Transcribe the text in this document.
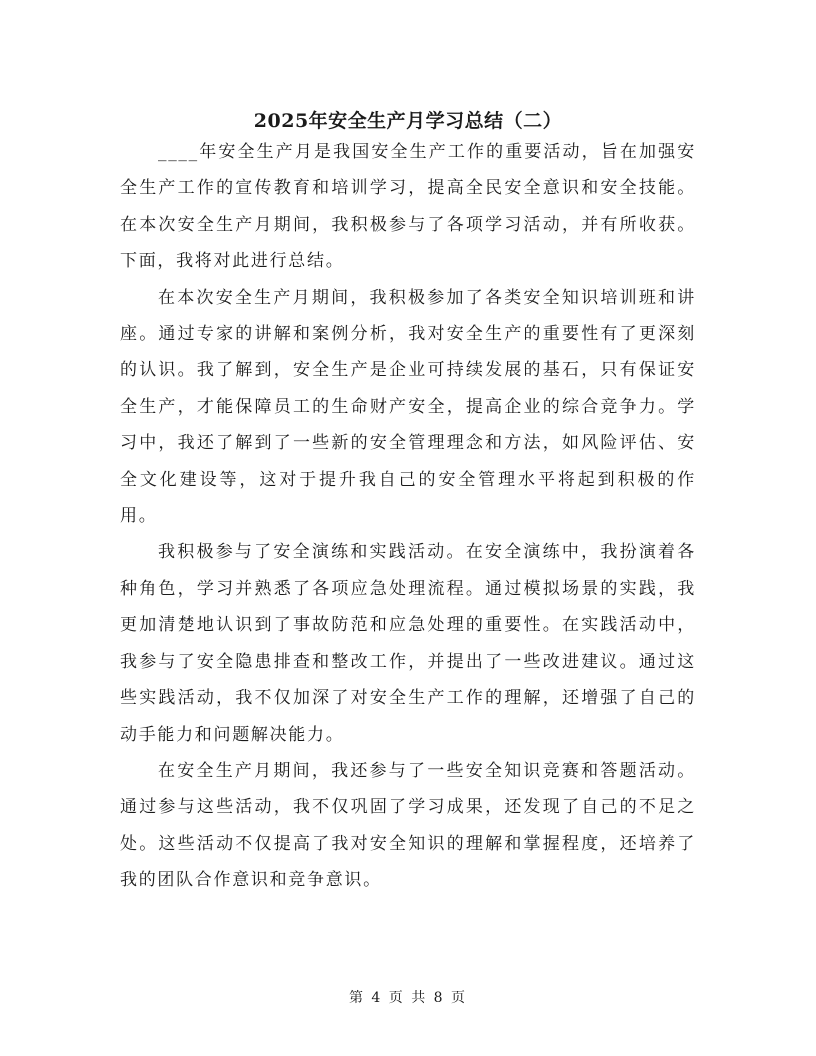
2025年安全生产月学习总结（二）

____年安全生产月是我国安全生产工作的重要活动，旨在加强安全生产工作的宣传教育和培训学习，提高全民安全意识和安全技能。在本次安全生产月期间，我积极参与了各项学习活动，并有所收获。下面，我将对此进行总结。

在本次安全生产月期间，我积极参加了各类安全知识培训班和讲座。通过专家的讲解和案例分析，我对安全生产的重要性有了更深刻的认识。我了解到，安全生产是企业可持续发展的基石，只有保证安全生产，才能保障员工的生命财产安全，提高企业的综合竞争力。学习中，我还了解到了一些新的安全管理理念和方法，如风险评估、安全文化建设等，这对于提升我自己的安全管理水平将起到积极的作用。

我积极参与了安全演练和实践活动。在安全演练中，我扮演着各种角色，学习并熟悉了各项应急处理流程。通过模拟场景的实践，我更加清楚地认识到了事故防范和应急处理的重要性。在实践活动中，我参与了安全隐患排查和整改工作，并提出了一些改进建议。通过这些实践活动，我不仅加深了对安全生产工作的理解，还增强了自己的动手能力和问题解决能力。

在安全生产月期间，我还参与了一些安全知识竞赛和答题活动。通过参与这些活动，我不仅巩固了学习成果，还发现了自己的不足之处。这些活动不仅提高了我对安全知识的理解和掌握程度，还培养了我的团队合作意识和竞争意识。

第 4 页 共 8 页
